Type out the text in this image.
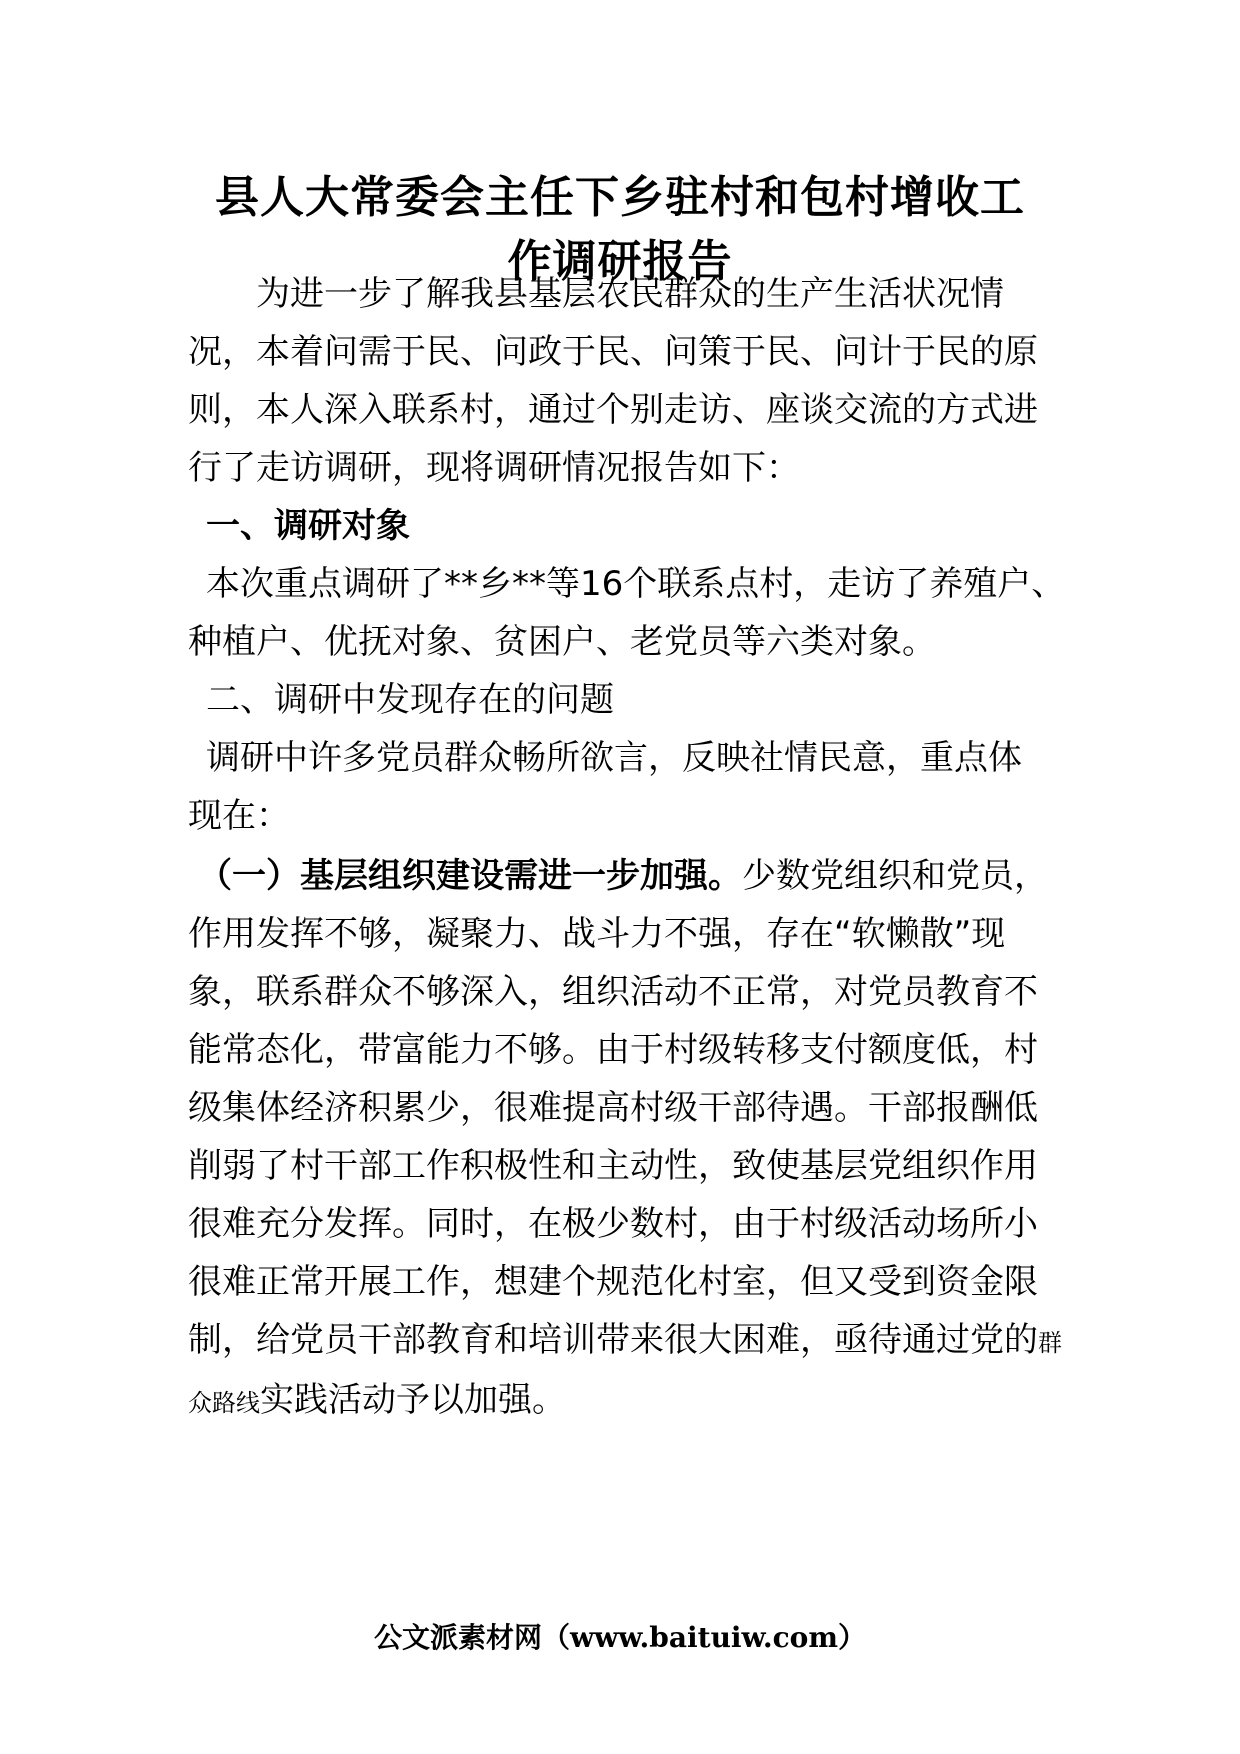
县人大常委会主任下乡驻村和包村增收工
作调研报告
为进一步了解我县基层农民群众的生产生活状况情
况，本着问需于民、问政于民、问策于民、问计于民的原
则，本人深入联系村，通过个别走访、座谈交流的方式进
行了走访调研，现将调研情况报告如下：
一、调研对象
本次重点调研了**乡**等16个联系点村，走访了养殖户、
种植户、优抚对象、贫困户、老党员等六类对象。
二、调研中发现存在的问题
调研中许多党员群众畅所欲言，反映社情民意，重点体
现在：
（一）基层组织建设需进一步加强。少数党组织和党员，
作用发挥不够，凝聚力、战斗力不强，存在“软懒散”现
象，联系群众不够深入，组织活动不正常，对党员教育不
能常态化，带富能力不够。由于村级转移支付额度低，村
级集体经济积累少，很难提高村级干部待遇。干部报酬低
削弱了村干部工作积极性和主动性，致使基层党组织作用
很难充分发挥。同时，在极少数村，由于村级活动场所小
很难正常开展工作，想建个规范化村室，但又受到资金限
制，给党员干部教育和培训带来很大困难，亟待通过党的群
众路线实践活动予以加强。
公文派素材网（www.baituiw.com）
